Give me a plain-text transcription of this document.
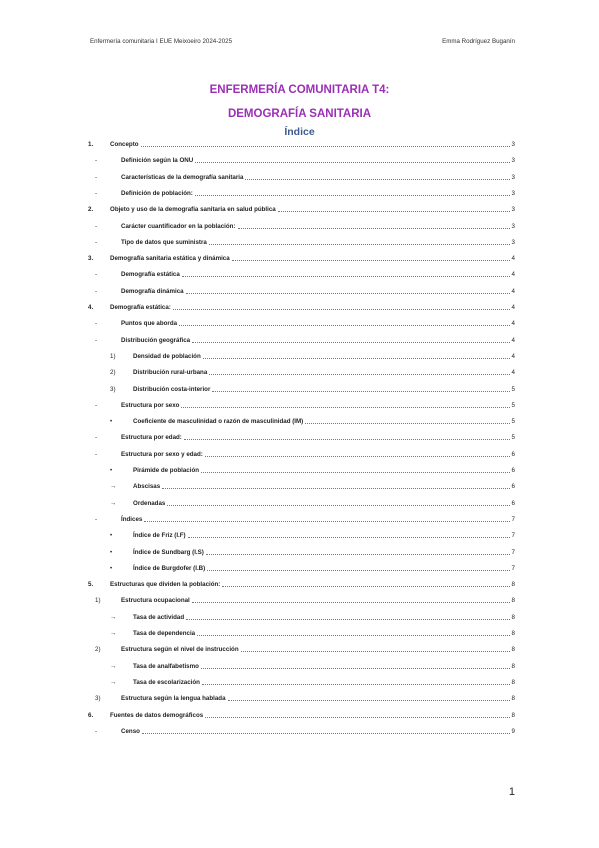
Enfermería comunitaria I EUE Meixoeiro 2024-2025	Emma Rodríguez Buganín
ENFERMERÍA COMUNITARIA T4:
DEMOGRAFÍA SANITARIA
Índice
1.	Concepto	3
-	Definición según la ONU	3
-	Características de la demografía sanitaria	3
-	Definición de población:	3
2.	Objeto y uso de la demografía sanitaria en salud pública	3
-	Carácter cuantificador en la población:	3
-	Tipo de datos que suministra	3
3.	Demografía sanitaria estática y dinámica	4
-	Demografía estática	4
-	Demografía dinámica	4
4.	Demografía estática:	4
-	Puntos que aborda	4
-	Distribución geográfica	4
1)	Densidad de población	4
2)	Distribución rural-urbana	4
3)	Distribución costa-interior	5
-	Estructura por sexo	5
•	Coeficiente de masculinidad o razón de masculinidad (IM)	5
-	Estructura por edad:	5
-	Estructura por sexo y edad:	6
•	Pirámide de población	6
→	Abscisas	6
→	Ordenadas	6
-	Índices	7
•	Índice de Friz (I.F)	7
•	Índice de Sundbarg (I.S)	7
•	Índice de Burgdofer (I.B)	7
5.	Estructuras que dividen la población:	8
1)	Estructura ocupacional	8
→	Tasa de actividad	8
→	Tasa de dependencia	8
2)	Estructura según el nivel de instrucción	8
→	Tasa de analfabetismo	8
→	Tasa de escolarización	8
3)	Estructura según la lengua hablada	8
6.	Fuentes de datos demográficos	8
-	Censo	9
1
